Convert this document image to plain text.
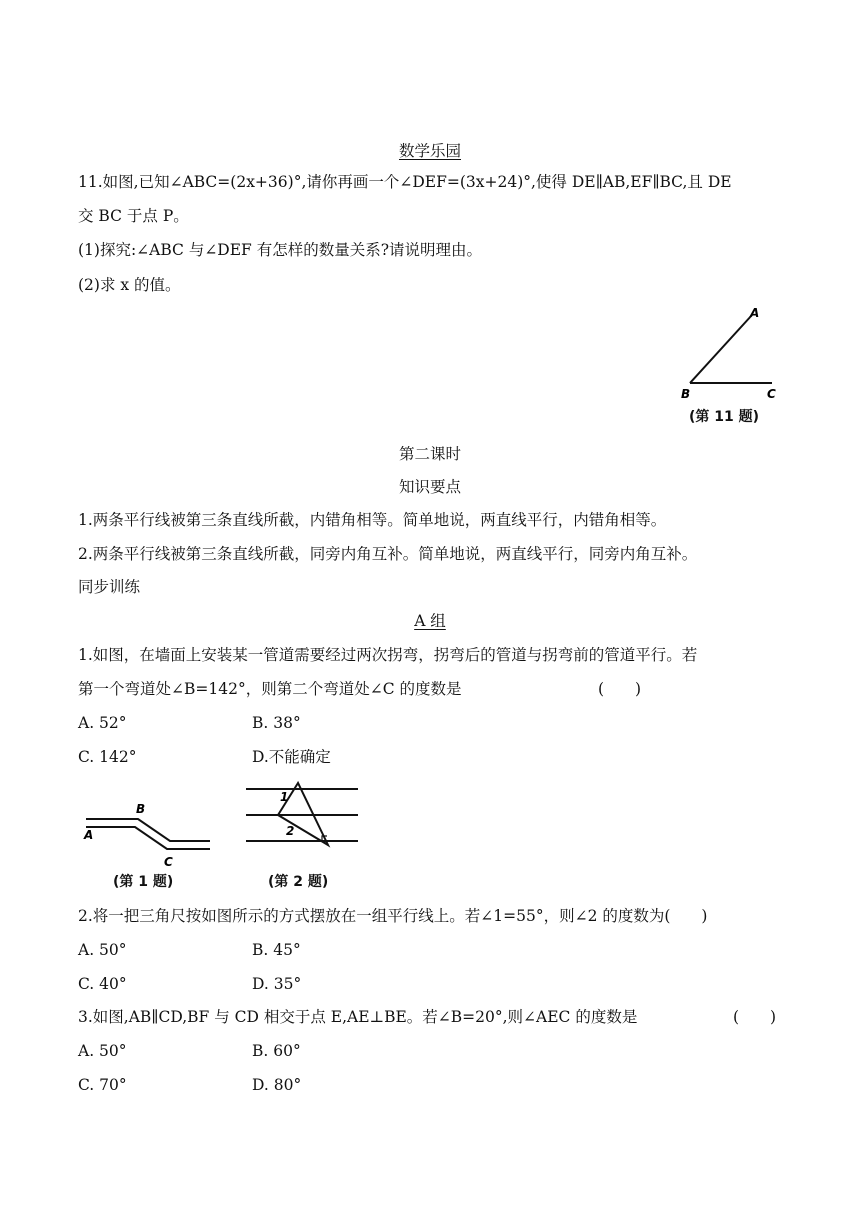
数学乐园
11.如图,已知∠ABC=(2x+36)°,请你再画一个∠DEF=(3x+24)°,使得 DE∥AB,EF∥BC,且 DE
交 BC 于点 P。
(1)探究:∠ABC 与∠DEF 有怎样的数量关系?请说明理由。
(2)求 x 的值。
A
B	C
(第 11 题)
第二课时
知识要点
1.两条平行线被第三条直线所截，内错角相等。简单地说，两直线平行，内错角相等。
2.两条平行线被第三条直线所截，同旁内角互补。简单地说，两直线平行，同旁内角互补。
同步训练
A 组
1.如图，在墙面上安装某一管道需要经过两次拐弯，拐弯后的管道与拐弯前的管道平行。若
第一个弯道处∠B=142°，则第二个弯道处∠C 的度数是	(　　)
A. 52°	B. 38°
C. 142°	D.不能确定
A
B
C
(第 1 题)
1
2
(第 2 题)
2.将一把三角尺按如图所示的方式摆放在一组平行线上。若∠1=55°，则∠2 的度数为(　　)
A. 50°	B. 45°
C. 40°	D. 35°
3.如图,AB∥CD,BF 与 CD 相交于点 E,AE⊥BE。若∠B=20°,则∠AEC 的度数是	(　　)
A. 50°	B. 60°
C. 70°	D. 80°
